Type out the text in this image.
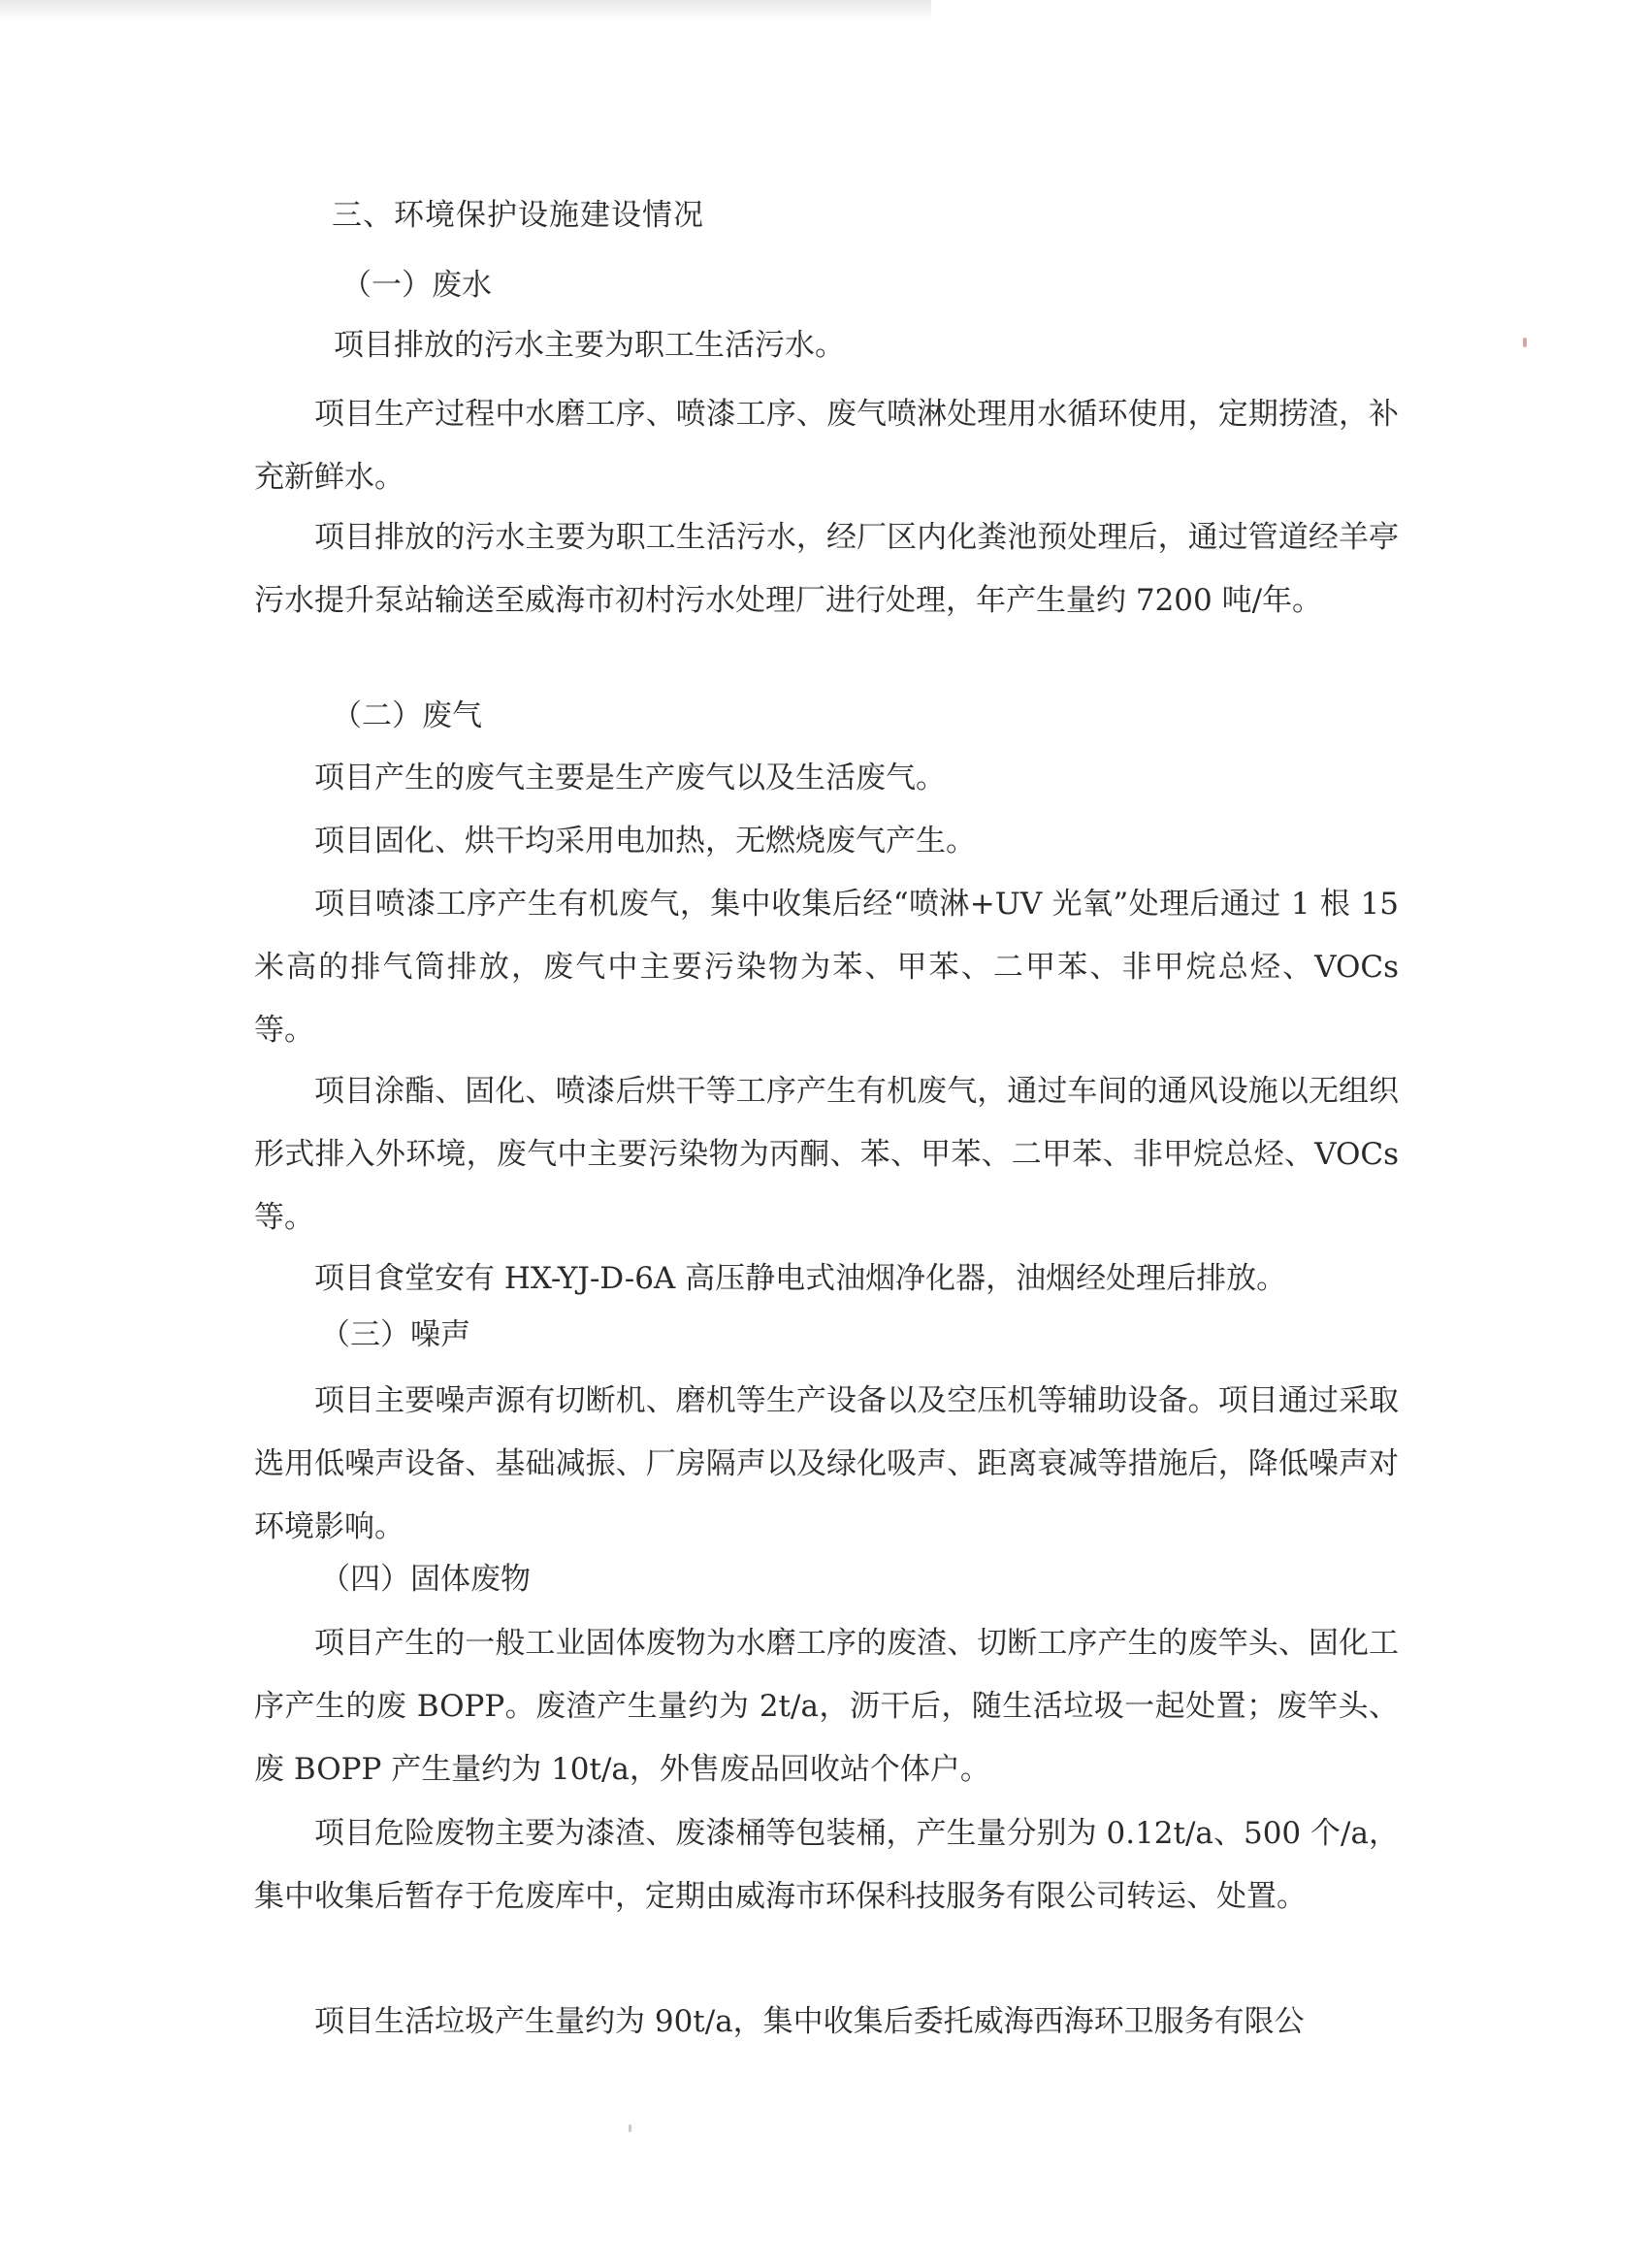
三、环境保护设施建设情况
（一）废水
项目排放的污水主要为职工生活污水。
项目生产过程中水磨工序、喷漆工序、废气喷淋处理用水循环使用，定期捞渣，补充新鲜水。
项目排放的污水主要为职工生活污水，经厂区内化粪池预处理后，通过管道经羊亭污水提升泵站输送至威海市初村污水处理厂进行处理，年产生量约 7200 吨/年。
（二）废气
项目产生的废气主要是生产废气以及生活废气。
项目固化、烘干均采用电加热，无燃烧废气产生。
项目喷漆工序产生有机废气，集中收集后经“喷淋+UV 光氧”处理后通过 1 根 15 米高的排气筒排放，废气中主要污染物为苯、甲苯、二甲苯、非甲烷总烃、VOCs 等。
项目涂酯、固化、喷漆后烘干等工序产生有机废气，通过车间的通风设施以无组织形式排入外环境，废气中主要污染物为丙酮、苯、甲苯、二甲苯、非甲烷总烃、VOCs 等。
项目食堂安有 HX-YJ-D-6A 高压静电式油烟净化器，油烟经处理后排放。
（三）噪声
项目主要噪声源有切断机、磨机等生产设备以及空压机等辅助设备。项目通过采取选用低噪声设备、基础减振、厂房隔声以及绿化吸声、距离衰减等措施后，降低噪声对环境影响。
（四）固体废物
项目产生的一般工业固体废物为水磨工序的废渣、切断工序产生的废竿头、固化工序产生的废 BOPP。废渣产生量约为 2t/a，沥干后，随生活垃圾一起处置；废竿头、废 BOPP 产生量约为 10t/a，外售废品回收站个体户。
项目危险废物主要为漆渣、废漆桶等包装桶，产生量分别为 0.12t/a、500 个/a，集中收集后暂存于危废库中，定期由威海市环保科技服务有限公司转运、处置。
项目生活垃圾产生量约为 90t/a，集中收集后委托威海西海环卫服务有限公
